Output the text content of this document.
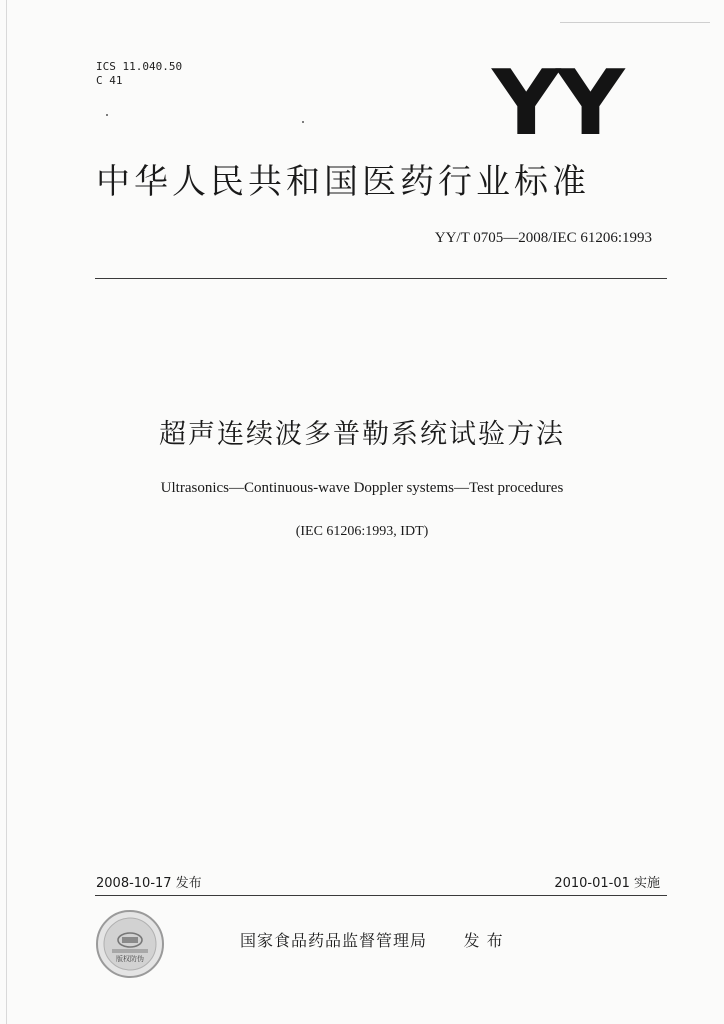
ICS 11.040.50
C 41	YY
中华人民共和国医药行业标准
YY/T 0705—2008/IEC 61206:1993
超声连续波多普勒系统试验方法
Ultrasonics—Continuous-wave Doppler systems—Test procedures
(IEC 61206:1993, IDT)
2008-10-17 发布	2010-01-01 实施
版权防伪
国家食品药品监督管理局 发 布
